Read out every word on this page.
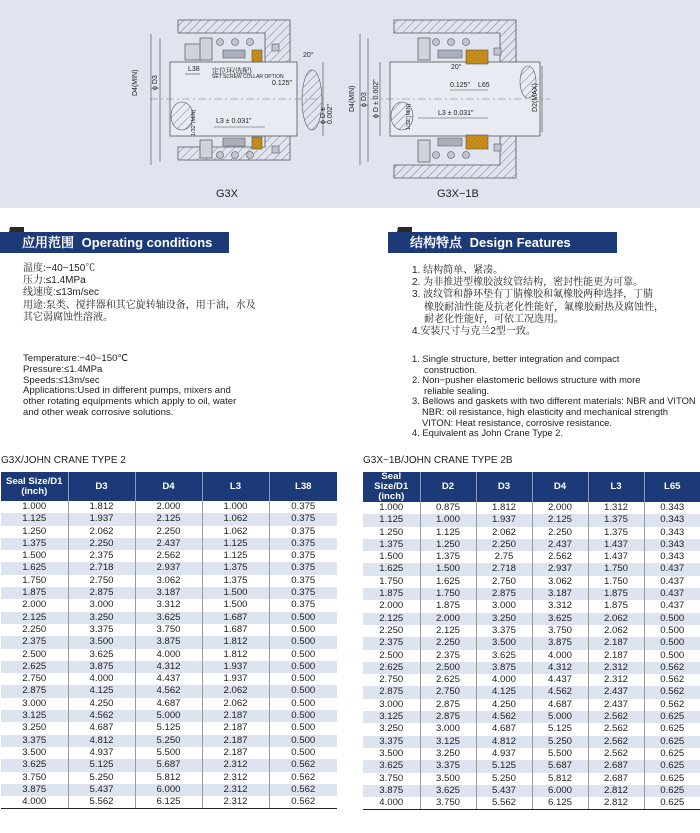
D4(MIN) ϕ D3
L38 定位环(选配)
SET SCREW COLLAR OPTION
20°
0.125"
ϕ D ± 0.002"
L3 ± 0.031"
1/32"(MIN)
G3X
D4(MIN) ϕ D3 ϕ D ± 0.002"
20°
0.125" L65
L3 ± 0.031"
1/32"(MIN)
D2(MAX)
G3X−1B
应用范围 Operating conditions
温度:−40~150℃
压力:≤1.4MPa
线速度:≤13m/sec
用途:泵类、搅拌器和其它旋转轴设备，用于油，水及
其它弱腐蚀性溶液。
Temperature:−40~150℃
Pressure:≤1.4MPa
Speeds:≤13m/sec
Applications:Used in different pumps, mixers and
other rotating equipments which apply to oil, water
and other weak corrosive solutions.
结构特点 Design Features
1. 结构简单、紧凑。
2. 为非推进型橡胶波纹管结构，密封性能更为可靠。
3. 波纹管和静环垫有丁腈橡胶和氟橡胶两种选择，丁腈
橡胶耐油性能及抗老化性能好，氟橡胶耐热及腐蚀性，
耐老化性能好，可依工况选用。
4.安装尺寸与克兰2型一致。
1. Single structure, better integration and compact
construction.
2. Non−pusher elastomeric bellows structure with more
reliable sealing.
3. Bellows and gaskets with two different materials: NBR and VITON
NBR: oil resistance, high elasticity and mechanical strength
VITON: Heat resistance, corrosive resistance.
4. Equivalent as John Crane Type 2.
G3X/JOHN CRANE TYPE 2
Seal Size/D1
(inch)	D3	D4	L3	L38
1.000	1.812	2.000	1.000	0.375
1.125	1.937	2.125	1.062	0.375
1.250	2.062	2.250	1.062	0.375
1.375	2.250	2.437	1.125	0.375
1.500	2.375	2.562	1.125	0.375
1.625	2.718	2.937	1.375	0.375
1.750	2.750	3.062	1.375	0.375
1.875	2.875	3.187	1.500	0.375
2.000	3.000	3.312	1.500	0.375
2.125	3.250	3.625	1.687	0.500
2.250	3.375	3.750	1.687	0.500
2.375	3.500	3.875	1.812	0.500
2.500	3.625	4.000	1.812	0.500
2.625	3.875	4.312	1.937	0.500
2.750	4.000	4.437	1.937	0.500
2.875	4.125	4.562	2.062	0.500
3.000	4.250	4.687	2.062	0.500
3.125	4.562	5.000	2.187	0.500
3.250	4.687	5.125	2.187	0.500
3.375	4.812	5.250	2.187	0.500
3.500	4.937	5.500	2.187	0.500
3.625	5.125	5.687	2.312	0.562
3.750	5.250	5.812	2.312	0.562
3.875	5.437	6.000	2.312	0.562
4.000	5.562	6.125	2.312	0.562
G3X−1B/JOHN CRANE TYPE 2B
Seal Size/D1
(inch)	D2	D3	D4	L3	L65
1.000	0.875	1.812	2.000	1.312	0.343
1.125	1.000	1.937	2.125	1.375	0.343
1.250	1.125	2.062	2.250	1.375	0.343
1.375	1.250	2.250	2.437	1.437	0.343
1.500	1.375	2.75	2.562	1.437	0.343
1.625	1.500	2.718	2.937	1.750	0.437
1.750	1.625	2.750	3.062	1.750	0.437
1.875	1.750	2.875	3.187	1.875	0.437
2.000	1.875	3.000	3.312	1.875	0.437
2.125	2.000	3.250	3.625	2.062	0.500
2.250	2.125	3.375	3.750	2.062	0.500
2.375	2.250	3.500	3.875	2.187	0.500
2.500	2.375	3.625	4.000	2.187	0.500
2.625	2.500	3.875	4.312	2.312	0.562
2.750	2.625	4.000	4.437	2.312	0.562
2.875	2.750	4.125	4.562	2.437	0.562
3.000	2.875	4.250	4.687	2.437	0.562
3.125	2.875	4.562	5.000	2.562	0.625
3.250	3.000	4.687	5.125	2.562	0.625
3.375	3.125	4.812	5.250	2.562	0.625
3.500	3.250	4.937	5.500	2.562	0.625
3.625	3.375	5.125	5.687	2.687	0.625
3.750	3.500	5.250	5.812	2.687	0.625
3.875	3.625	5.437	6.000	2.812	0.625
4.000	3.750	5.562	6.125	2.812	0.625
